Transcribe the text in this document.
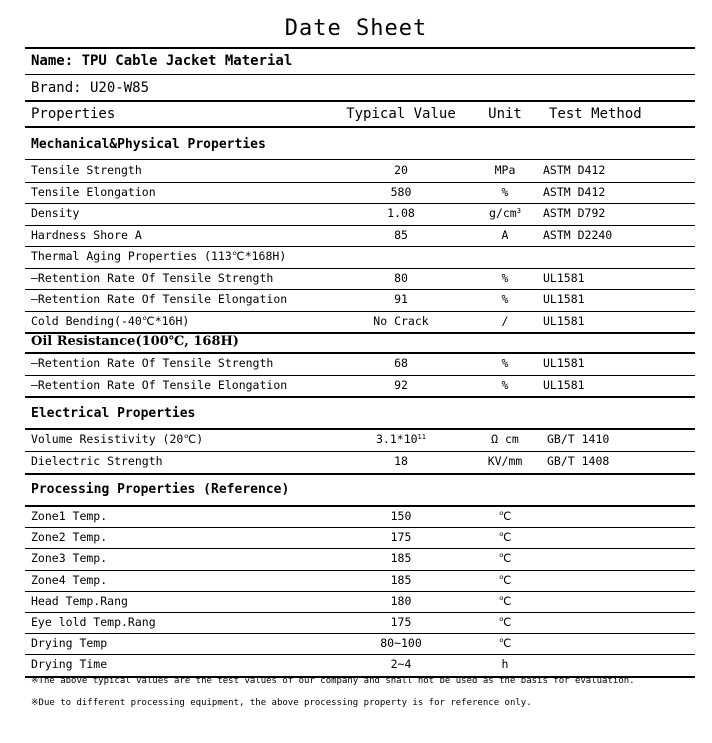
Date Sheet
Name: TPU Cable Jacket Material
Brand: U20-W85
Properties	Typical Value	Unit	Test Method
Mechanical&Physical Properties
Tensile Strength	20	MPa	ASTM D412
Tensile Elongation	580	%	ASTM D412
Density	1.08	$g/cm^3$	ASTM D792
Hardness Shore A	85	A	ASTM D2240
Thermal Aging Properties (113℃*168H)
—Retention Rate Of Tensile Strength	80	%	UL1581
—Retention Rate Of Tensile Elongation	91	%	UL1581
Cold Bending(-40℃*16H)	No Crack	/	UL1581
Oil Resistance(100℃, 168H)
—Retention Rate Of Tensile Strength	68	%	UL1581
—Retention Rate Of Tensile Elongation	92	%	UL1581
Electrical Properties
Volume Resistivity (20℃)	$3.1*10^{11}$	Ω cm	GB/T 1410
Dielectric Strength	18	KV/mm	GB/T 1408
Processing Properties (Reference)
Zone1 Temp.	150	℃
Zone2 Temp.	175	℃
Zone3 Temp.	185	℃
Zone4 Temp.	185	℃
Head Temp.Rang	180	℃
Eye lold Temp.Rang	175	℃
Drying Temp	80~100	℃
Drying Time	2~4	h
※The above typical values are the test values of our company and shall not be used as the basis for evaluation.
※Due to different processing equipment, the above processing property is for reference only.
